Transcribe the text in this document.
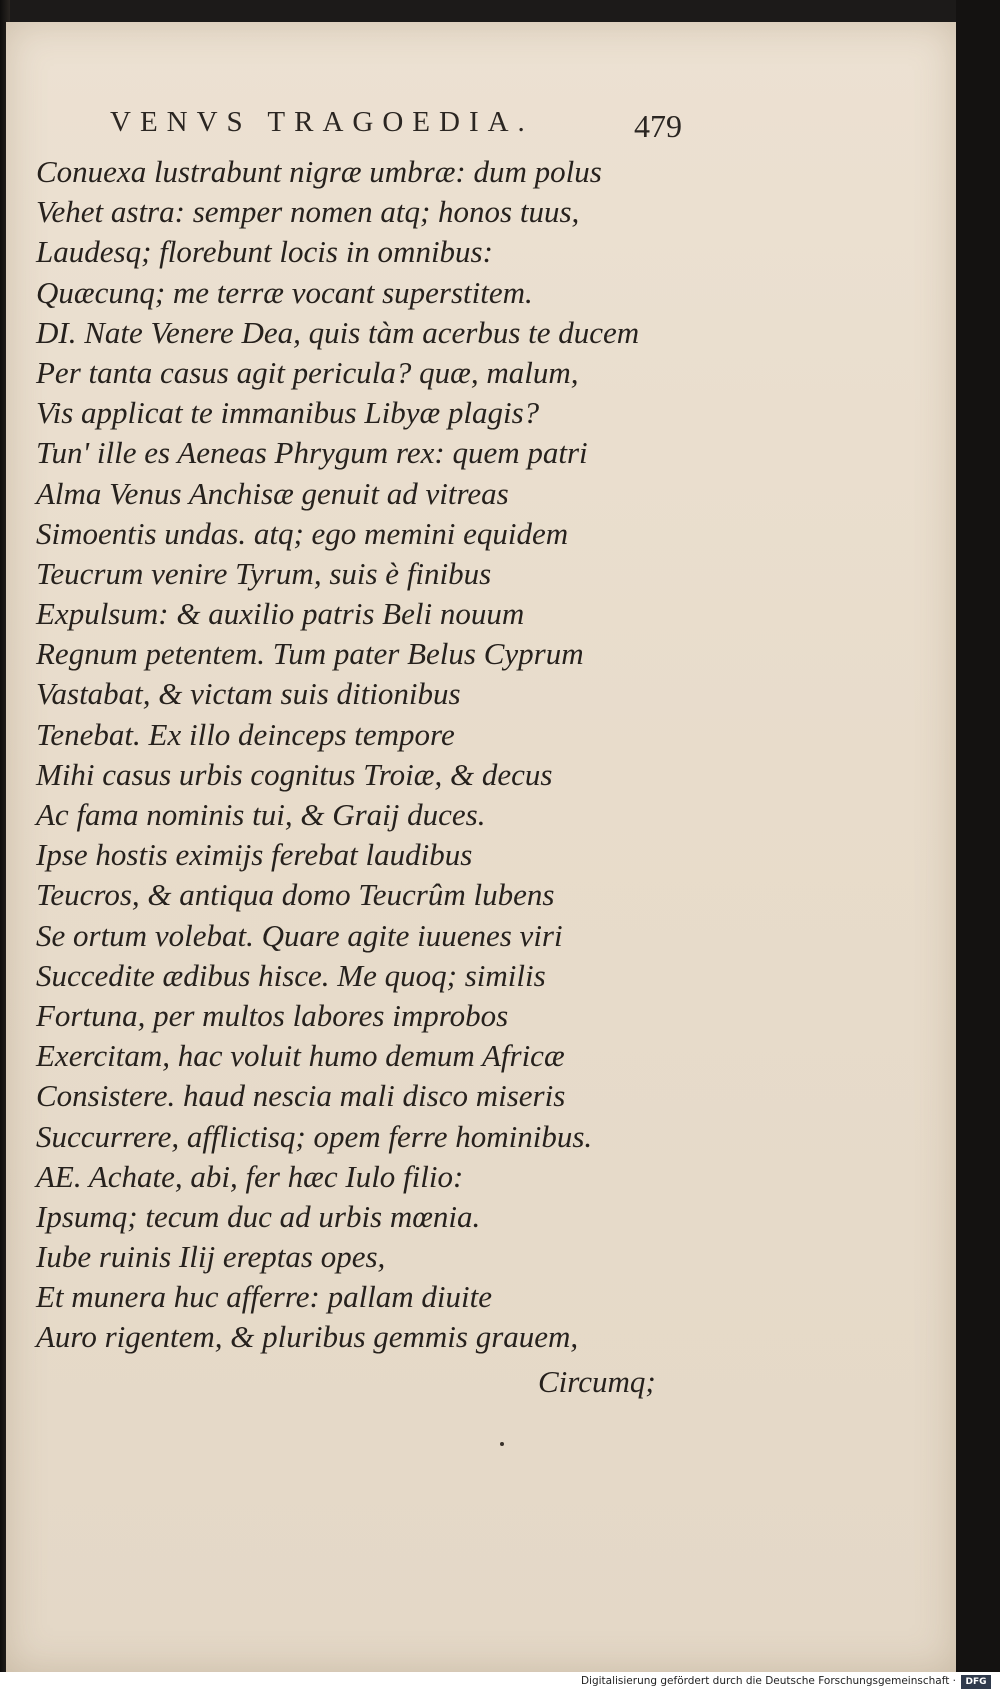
VENVS TRAGOEDIA.	479
Conuexa lustrabunt nigræ umbræ: dum polus
Vehet astra: semper nomen atq; honos tuus,
Laudesq; florebunt locis in omnibus:
Quæcunq; me terræ vocant superstitem.
DI. Nate Venere Dea, quis tàm acerbus te ducem
Per tanta casus agit pericula? quæ, malum,
Vis applicat te immanibus Libyæ plagis?
Tun' ille es Aeneas Phrygum rex: quem patri
Alma Venus Anchisæ genuit ad vitreas
Simoentis undas. atq; ego memini equidem
Teucrum venire Tyrum, suis è finibus
Expulsum: & auxilio patris Beli nouum
Regnum petentem. Tum pater Belus Cyprum
Vastabat, & victam suis ditionibus
Tenebat. Ex illo deinceps tempore
Mihi casus urbis cognitus Troiæ, & decus
Ac fama nominis tui, & Graij duces.
Ipse hostis eximijs ferebat laudibus
Teucros, & antiqua domo Teucrûm lubens
Se ortum volebat. Quare agite iuuenes viri
Succedite ædibus hisce. Me quoq; similis
Fortuna, per multos labores improbos
Exercitam, hac voluit humo demum Africæ
Consistere. haud nescia mali disco miseris
Succurrere, afflictisq; opem ferre hominibus.
AE. Achate, abi, fer hæc Iulo filio:
Ipsumq; tecum duc ad urbis mœnia.
Iube ruinis Ilij ereptas opes,
Et munera huc afferre: pallam diuite
Auro rigentem, & pluribus gemmis grauem,
Circumq;
Digitalisierung gefördert durch die Deutsche Forschungsgemeinschaft ·	DFG
